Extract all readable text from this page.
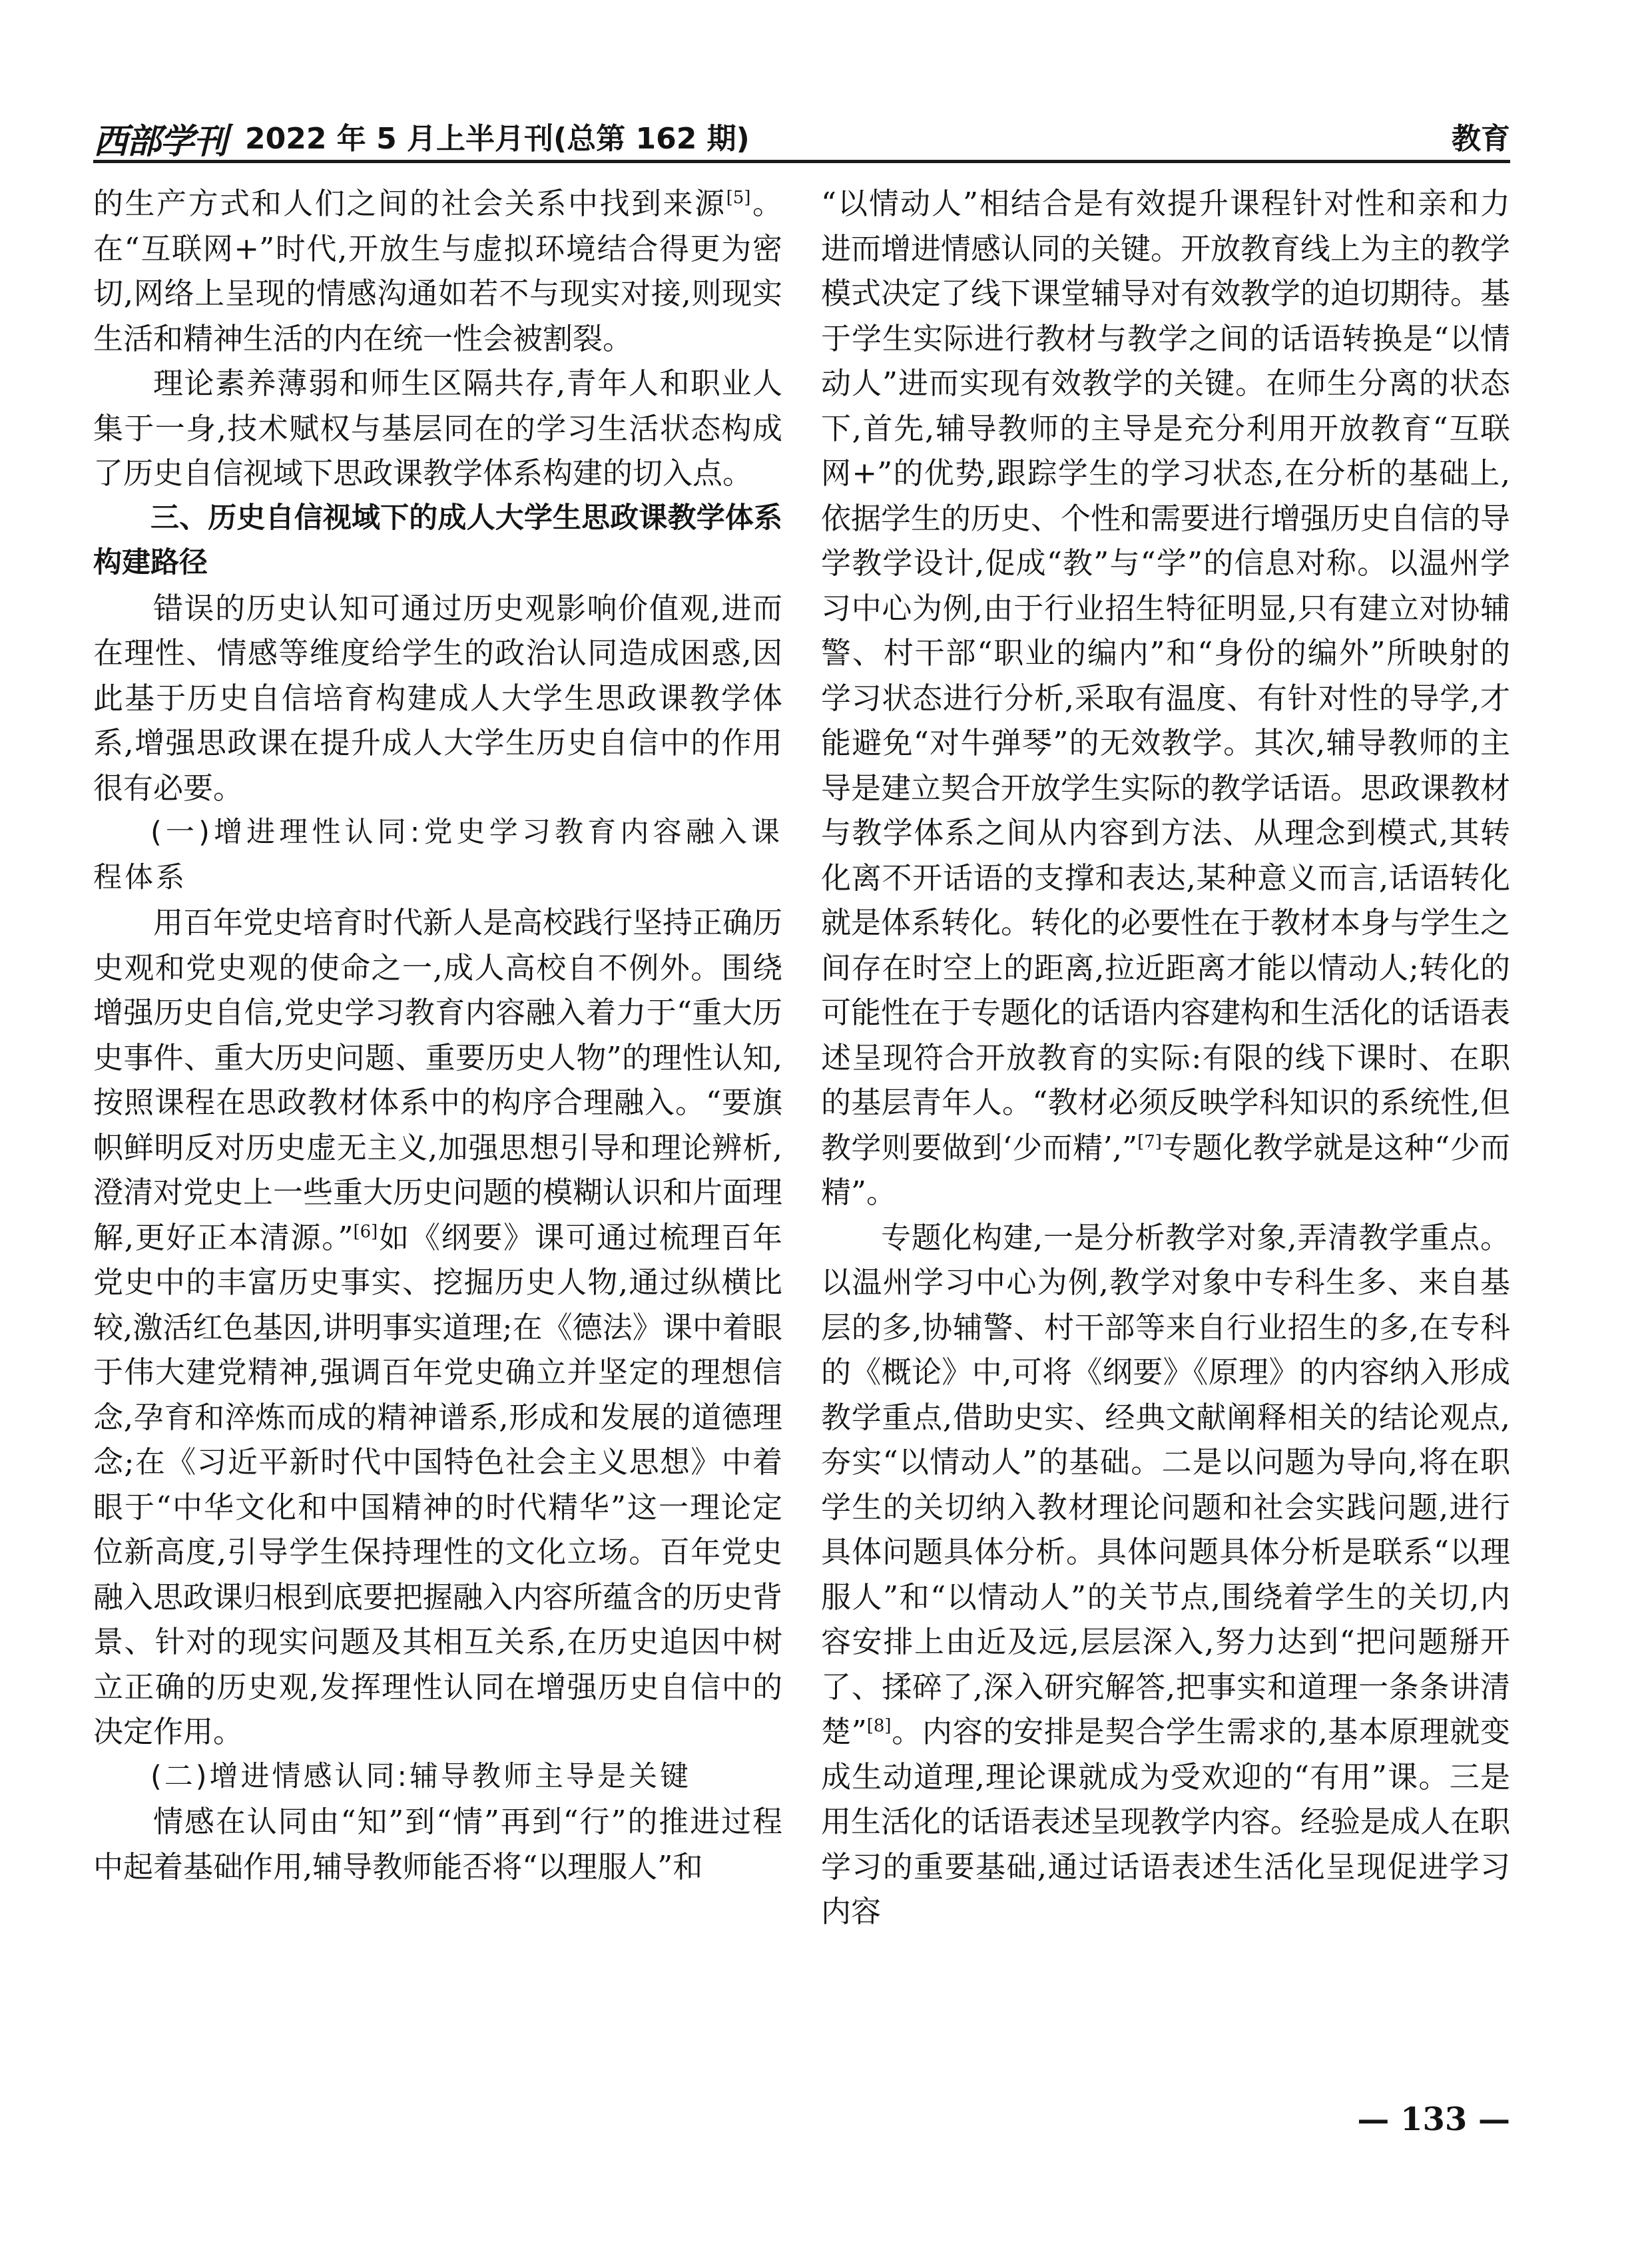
西部学刊 2022 年 5 月上半月刊(总第 162 期)	教育

的生产方式和人们之间的社会关系中找到来源[5]。在“互联网+”时代,开放生与虚拟环境结合得更为密切,网络上呈现的情感沟通如若不与现实对接,则现实生活和精神生活的内在统一性会被割裂。

理论素养薄弱和师生区隔共存,青年人和职业人集于一身,技术赋权与基层同在的学习生活状态构成了历史自信视域下思政课教学体系构建的切入点。

三、历史自信视域下的成人大学生思政课教学体系构建路径

错误的历史认知可通过历史观影响价值观,进而在理性、情感等维度给学生的政治认同造成困惑,因此基于历史自信培育构建成人大学生思政课教学体系,增强思政课在提升成人大学生历史自信中的作用很有必要。

(一)增进理性认同:党史学习教育内容融入课程体系

用百年党史培育时代新人是高校践行坚持正确历史观和党史观的使命之一,成人高校自不例外。围绕增强历史自信,党史学习教育内容融入着力于“重大历史事件、重大历史问题、重要历史人物”的理性认知,按照课程在思政教材体系中的构序合理融入。“要旗帜鲜明反对历史虚无主义,加强思想引导和理论辨析,澄清对党史上一些重大历史问题的模糊认识和片面理解,更好正本清源。”[6]如《纲要》课可通过梳理百年党史中的丰富历史事实、挖掘历史人物,通过纵横比较,激活红色基因,讲明事实道理;在《德法》课中着眼于伟大建党精神,强调百年党史确立并坚定的理想信念,孕育和淬炼而成的精神谱系,形成和发展的道德理念;在《习近平新时代中国特色社会主义思想》中着眼于“中华文化和中国精神的时代精华”这一理论定位新高度,引导学生保持理性的文化立场。百年党史融入思政课归根到底要把握融入内容所蕴含的历史背景、针对的现实问题及其相互关系,在历史追因中树立正确的历史观,发挥理性认同在增强历史自信中的决定作用。

(二)增进情感认同:辅导教师主导是关键

情感在认同由“知”到“情”再到“行”的推进过程中起着基础作用,辅导教师能否将“以理服人”和

“以情动人”相结合是有效提升课程针对性和亲和力进而增进情感认同的关键。开放教育线上为主的教学模式决定了线下课堂辅导对有效教学的迫切期待。基于学生实际进行教材与教学之间的话语转换是“以情动人”进而实现有效教学的关键。在师生分离的状态下,首先,辅导教师的主导是充分利用开放教育“互联网+”的优势,跟踪学生的学习状态,在分析的基础上,依据学生的历史、个性和需要进行增强历史自信的导学教学设计,促成“教”与“学”的信息对称。以温州学习中心为例,由于行业招生特征明显,只有建立对协辅警、村干部“职业的编内”和“身份的编外”所映射的学习状态进行分析,采取有温度、有针对性的导学,才能避免“对牛弹琴”的无效教学。其次,辅导教师的主导是建立契合开放学生实际的教学话语。思政课教材与教学体系之间从内容到方法、从理念到模式,其转化离不开话语的支撑和表达,某种意义而言,话语转化就是体系转化。转化的必要性在于教材本身与学生之间存在时空上的距离,拉近距离才能以情动人;转化的可能性在于专题化的话语内容建构和生活化的话语表述呈现符合开放教育的实际:有限的线下课时、在职的基层青年人。“教材必须反映学科知识的系统性,但教学则要做到‘少而精’,”[7]专题化教学就是这种“少而精”。

专题化构建,一是分析教学对象,弄清教学重点。以温州学习中心为例,教学对象中专科生多、来自基层的多,协辅警、村干部等来自行业招生的多,在专科的《概论》中,可将《纲要》《原理》的内容纳入形成教学重点,借助史实、经典文献阐释相关的结论观点,夯实“以情动人”的基础。二是以问题为导向,将在职学生的关切纳入教材理论问题和社会实践问题,进行具体问题具体分析。具体问题具体分析是联系“以理服人”和“以情动人”的关节点,围绕着学生的关切,内容安排上由近及远,层层深入,努力达到“把问题掰开了、揉碎了,深入研究解答,把事实和道理一条条讲清楚”[8]。内容的安排是契合学生需求的,基本原理就变成生动道理,理论课就成为受欢迎的“有用”课。三是用生活化的话语表述呈现教学内容。经验是成人在职学习的重要基础,通过话语表述生活化呈现促进学习内容

— 133 —
